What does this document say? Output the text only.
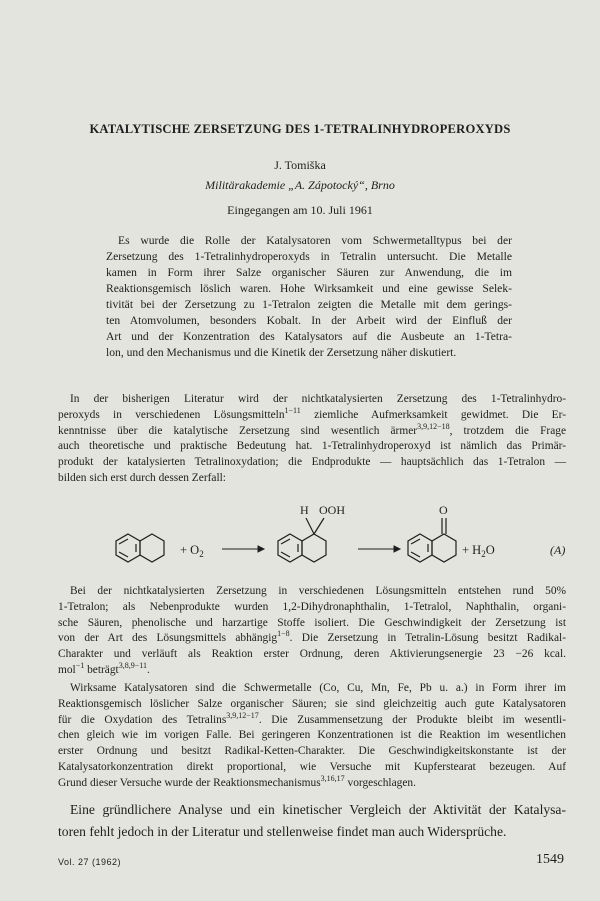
KATALYTISCHE ZERSETZUNG DES 1-TETRALINHYDROPEROXYDS
J. Tomiška
Militärakademie „A. Zápotocký“, Brno
Eingegangen am 10. Juli 1961
Es wurde die Rolle der Katalysatoren vom Schwermetalltypus bei der
Zersetzung des 1-Tetralinhydroperoxyds in Tetralin untersucht. Die Metalle
kamen in Form ihrer Salze organischer Säuren zur Anwendung, die im
Reaktionsgemisch löslich waren. Hohe Wirksamkeit und eine gewisse Selek-
tivität bei der Zersetzung zu 1-Tetralon zeigten die Metalle mit dem gerings-
ten Atomvolumen, besonders Kobalt. In der Arbeit wird der Einfluß der
Art und der Konzentration des Katalysators auf die Ausbeute an 1-Tetra-
lon, und den Mechanismus und die Kinetik der Zersetzung näher diskutiert.
In der bisherigen Literatur wird der nichtkatalysierten Zersetzung des 1-Tetralinhydro-
peroxyds in verschiedenen Lösungsmitteln$^{1-11}$ ziemliche Aufmerksamkeit gewidmet. Die Er-
kenntnisse über die katalytische Zersetzung sind wesentlich ärmer$^{3,9,12-18}$, trotzdem die Frage
auch theoretische und praktische Bedeutung hat. 1-Tetralinhydroperoxyd ist nämlich das Primär-
produkt der katalysierten Tetralinoxydation; die Endprodukte — hauptsächlich das 1-Tetralon —
bilden sich erst durch dessen Zerfall:
+ $O_2$
H OOH	O
+ $H_2O$	(A)
Bei der nichtkatalysierten Zersetzung in verschiedenen Lösungsmitteln entstehen rund 50%
1-Tetralon; als Nebenprodukte wurden 1,2-Dihydronaphthalin, 1-Tetralol, Naphthalin, organi-
sche Säuren, phenolische und harzartige Stoffe isoliert. Die Geschwindigkeit der Zersetzung ist
von der Art des Lösungsmittels abhängig$^{1-8}$. Die Zersetzung in Tetralin-Lösung besitzt Radikal-
Charakter und verläuft als Reaktion erster Ordnung, deren Aktivierungsenergie 23 −26 kcal.
mol$^{-1}$ beträgt$^{3,8,9-11}$.
Wirksame Katalysatoren sind die Schwermetalle (Co, Cu, Mn, Fe, Pb u. a.) in Form ihrer im
Reaktionsgemisch löslicher Salze organischer Säuren; sie sind gleichzeitig auch gute Katalysatoren
für die Oxydation des Tetralins$^{3,9,12-17}$. Die Zusammensetzung der Produkte bleibt im wesentli-
chen gleich wie im vorigen Falle. Bei geringeren Konzentrationen ist die Reaktion im wesentlichen
erster Ordnung und besitzt Radikal-Ketten-Charakter. Die Geschwindigkeitskonstante ist der
Katalysatorkonzentration direkt proportional, wie Versuche mit Kupferstearat bezeugen. Auf
Grund dieser Versuche wurde der Reaktionsmechanismus$^{3,16,17}$ vorgeschlagen.
Eine gründlichere Analyse und ein kinetischer Vergleich der Aktivität der Katalysa-
toren fehlt jedoch in der Literatur und stellenweise findet man auch Widersprüche.
Vol. 27 (1962)	1549
